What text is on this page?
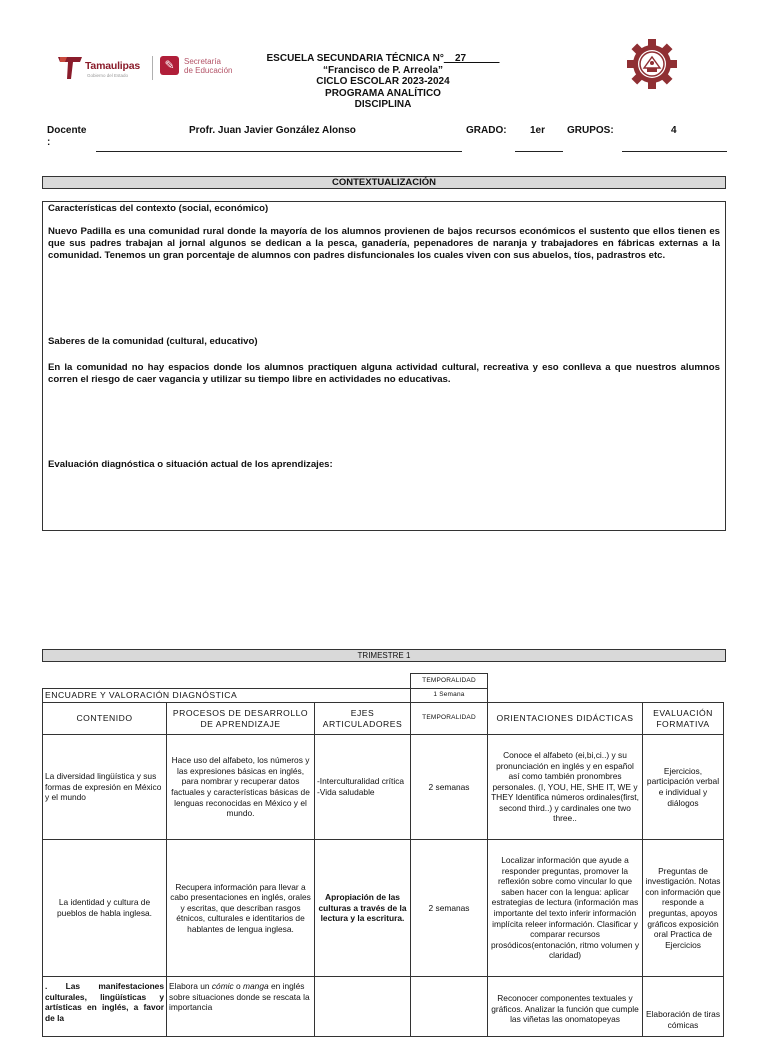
Tamaulipas
Gobierno del Estado
✎	Secretaría
de Educación
ESCUELA SECUNDARIA TÉCNICA N°__27______
“Francisco de P. Arreola”
CICLO ESCOLAR 2023-2024
PROGRAMA ANALÍTICO
DISCIPLINA
Docente
:
Profr. Juan Javier González Alonso	GRADO: 1er GRUPOS:	4
CONTEXTUALIZACIÓN

Características del contexto (social, económico)

Nuevo Padilla es una comunidad rural donde la mayoría de los alumnos provienen de bajos recursos económicos el sustento que ellos tienen es que sus padres trabajan al jornal algunos se dedican a la pesca, ganadería, pepenadores de naranja y trabajadores en fábricas externas a la comunidad. Tenemos un gran porcentaje de alumnos con padres disfuncionales los cuales viven con sus abuelos, tíos, padrastros etc.

Saberes de la comunidad (cultural, educativo)

En la comunidad no hay espacios donde los alumnos practiquen alguna actividad cultural, recreativa y eso conlleva a que nuestros alumnos corren el riesgo de caer vagancia y utilizar su tiempo libre en actividades no educativas.

Evaluación diagnóstica o situación actual de los aprendizajes:

TRIMESTRE 1
			TEMPORALIDAD		
ENCUADRE Y VALORACIÓN DIAGNÓSTICA			1 Semana		
CONTENIDO	PROCESOS DE DESARROLLO DE APRENDIZAJE	EJES ARTICULADORES	TEMPORALIDAD	ORIENTACIONES DIDÁCTICAS	EVALUACIÓN FORMATIVA
La diversidad lingüística y sus formas de expresión en México y el mundo	Hace uso del alfabeto, los números y las expresiones básicas en inglés, para nombrar y recuperar datos factuales y características básicas de lenguas reconocidas en México y el mundo.	-Interculturalidad crítica -Vida saludable	2 semanas	Conoce el alfabeto (ei,bi,ci..) y su pronunciación en inglés y en español así como también pronombres personales. (I, YOU, HE, SHE IT, WE y THEY Identifica números ordinales(first, second third..) y cardinales one two three..	Ejercicios, participación verbal e individual y diálogos
La identidad y cultura de pueblos de habla inglesa.	Recupera información para llevar a cabo presentaciones en inglés, orales y escritas, que describan rasgos étnicos, culturales e identitarios de hablantes de lengua inglesa.	Apropiación de las culturas a través de la lectura y la escritura.	2 semanas	Localizar información que ayude a responder preguntas, promover la reflexión sobre como vincular lo que saben hacer con la lengua: aplicar estrategias de lectura (información mas importante del texto inferir información implícita releer información. Clasificar y comparar recursos prosódicos(entonación, ritmo volumen y claridad)	Preguntas de investigación. Notas con información que responde a preguntas, apoyos gráficos exposición oral Practica de Ejercicios
. Las manifestaciones culturales, lingüísticas y artísticas en inglés, a favor de la	Elabora un cómic o manga en inglés sobre situaciones donde se rescata la importancia			Reconocer componentes textuales y gráficos. Analizar la función que cumple las viñetas las onomatopeyas	Elaboración de tiras cómicas
